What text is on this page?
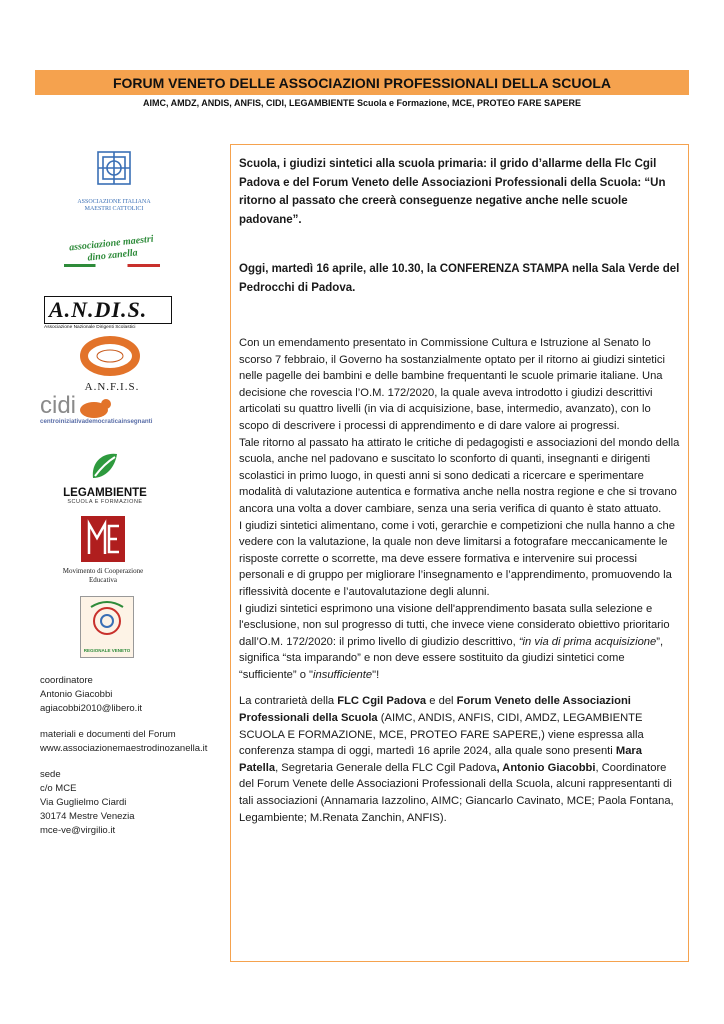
FORUM VENETO DELLE ASSOCIAZIONI PROFESSIONALI DELLA SCUOLA
AIMC, AMDZ, ANDIS, ANFIS, CIDI, LEGAMBIENTE Scuola e Formazione, MCE, PROTEO FARE SAPERE
ASSOCIAZIONE ITALIANA MAESTRI CATTOLICI
associazione maestri dino zanella
A.N.DI.S.
Associazione Nazionale Dirigenti Scolastici
A.N.F.I.S.
cidi
centroiniziativademocraticainsegnanti
LEGAMBIENTE
SCUOLA E FORMAZIONE
Movimento di Cooperazione Educativa
REGIONALE VENETO
coordinatore
Antonio Giacobbi
agiacobbi2010@libero.it
materiali e documenti del Forum
www.associazionemaestrodinozanella.it
sede
c/o MCE
Via Guglielmo Ciardi
30174 Mestre Venezia
mce-ve@virgilio.it

Scuola, i giudizi sintetici alla scuola primaria: il grido d’allarme della Flc Cgil Padova e del Forum Veneto delle Associazioni Professionali della Scuola: “Un ritorno al passato che creerà conseguenze negative anche nelle scuole padovane”.

Oggi, martedì 16 aprile, alle 10.30, la CONFERENZA STAMPA nella Sala Verde del Pedrocchi di Padova.

Con un emendamento presentato in Commissione Cultura e Istruzione al Senato lo scorso 7 febbraio, il Governo ha sostanzialmente optato per il ritorno ai giudizi sintetici nelle pagelle dei bambini e delle bambine frequentanti le scuole primarie italiane. Una decisione che rovescia l’O.M. 172/2020, la quale aveva introdotto i giudizi descrittivi articolati su quattro livelli (in via di acquisizione, base, intermedio, avanzato), con lo scopo di descrivere i processi di apprendimento e di dare valore ai progressi.

Tale ritorno al passato ha attirato le critiche di pedagogisti e associazioni del mondo della scuola, anche nel padovano e suscitato lo sconforto di quanti, insegnanti e dirigenti scolastici in primo luogo, in questi anni si sono dedicati a ricercare e sperimentare modalità di valutazione autentica e formativa anche nella nostra regione e che si trovano ancora una volta a dover cambiare, senza una seria verifica di quanto è stato attuato.

I giudizi sintetici alimentano, come i voti, gerarchie e competizioni che nulla hanno a che vedere con la valutazione, la quale non deve limitarsi a fotografare meccanicamente le risposte corrette o scorrette, ma deve essere formativa e intervenire sui processi personali e di gruppo per migliorare l’insegnamento e l’apprendimento, promuovendo la riflessività docente e l’autovalutazione degli alunni.

I giudizi sintetici esprimono una visione dell'apprendimento basata sulla selezione e l'esclusione, non sul progresso di tutti, che invece viene considerato obiettivo prioritario dall’O.M. 172/2020: il primo livello di giudizio descrittivo, “in via di prima acquisizione”, significa “sta imparando” e non deve essere sostituito da giudizi sintetici come “sufficiente” o "insufficiente"!

La contrarietà della FLC Cgil Padova e del Forum Veneto delle Associazioni Professionali della Scuola (AIMC, ANDIS, ANFIS, CIDI, AMDZ, LEGAMBIENTE SCUOLA E FORMAZIONE, MCE, PROTEO FARE SAPERE,) viene espressa alla conferenza stampa di oggi, martedì 16 aprile 2024, alla quale sono presenti Mara Patella, Segretaria Generale della FLC Cgil Padova, Antonio Giacobbi, Coordinatore del Forum Venete delle Associazioni Professionali della Scuola, alcuni rappresentanti di tali associazioni (Annamaria Iazzolino, AIMC; Giancarlo Cavinato, MCE; Paola Fontana, Legambiente; M.Renata Zanchin, ANFIS).
